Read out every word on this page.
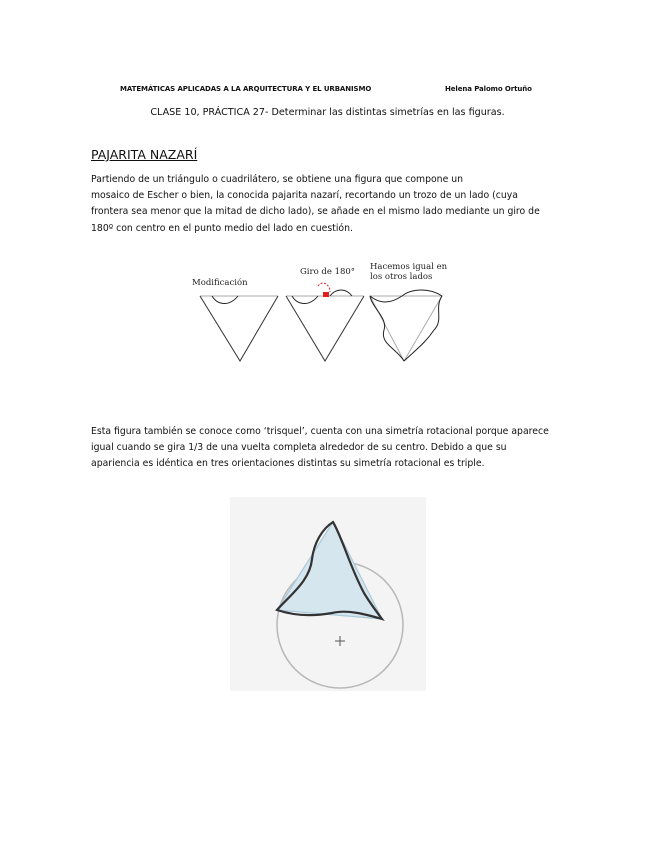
MATEMÁTICAS APLICADAS A LA ARQUITECTURA Y EL URBANISMO	Helena Palomo Ortuño
CLASE 10, PRÁCTICA 27- Determinar las distintas simetrías en las figuras.
PAJARITA NAZARÍ
Partiendo de un triángulo o cuadrilátero, se obtiene una figura que compone un
mosaico de Escher o bien, la conocida pajarita nazarí, recortando un trozo de un lado (cuya
frontera sea menor que la mitad de dicho lado), se añade en el mismo lado mediante un giro de
180º con centro en el punto medio del lado en cuestión.
Modificación
Giro de 180° Hacemos igual en
los otros lados
Esta figura también se conoce como ‘trisquel’, cuenta con una simetría rotacional porque aparece
igual cuando se gira 1/3 de una vuelta completa alrededor de su centro. Debido a que su
apariencia es idéntica en tres orientaciones distintas su simetría rotacional es triple.
